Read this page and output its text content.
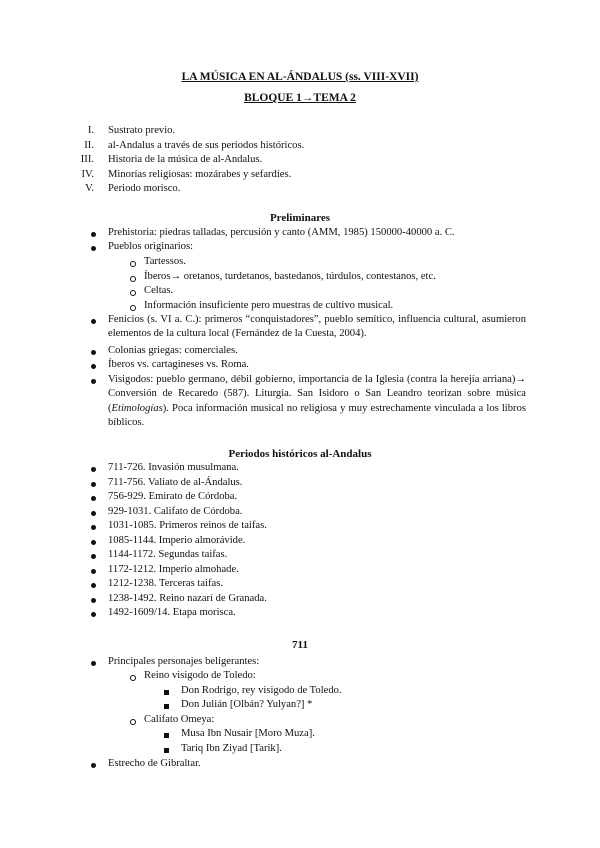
LA MÚSICA EN AL-ÁNDALUS (ss. VIII-XVII)
BLOQUE 1→TEMA 2
I. Sustrato previo.
II. al-Andalus a través de sus periodos históricos.
III. Historia de la música de al-Andalus.
IV. Minorías religiosas: mozárabes y sefardíes.
V. Periodo morisco.
Preliminares
Prehistoria: piedras talladas, percusión y canto (AMM, 1985) 150000-40000 a. C.
Pueblos originarios:
Tartessos.
Íberos→ oretanos, turdetanos, bastedanos, túrdulos, contestanos, etc.
Celtas.
Información insuficiente pero muestras de cultivo musical.
Fenicios (s. VI a. C.): primeros “conquistadores”, pueblo semítico, influencia cultural, asumieron elementos de la cultura local (Fernández de la Cuesta, 2004).
Colonias griegas: comerciales.
Íberos vs. cartagineses vs. Roma.
Visigodos: pueblo germano, débil gobierno, importancia de la Iglesia (contra la herejía arriana)→ Conversión de Recaredo (587). Liturgia. San Isidoro o San Leandro teorizan sobre música (Etimologías). Poca información musical no religiosa y muy estrechamente vinculada a los libros bíblicos.
Periodos históricos al-Andalus
711-726. Invasión musulmana.
711-756. Valiato de al-Ándalus.
756-929. Emirato de Córdoba.
929-1031. Califato de Córdoba.
1031-1085. Primeros reinos de taifas.
1085-1144. Imperio almorávide.
1144-1172. Segundas taifas.
1172-1212. Imperio almohade.
1212-1238. Terceras taifas.
1238-1492. Reino nazarí de Granada.
1492-1609/14. Etapa morisca.
711
Principales personajes beligerantes:
Reino visigodo de Toledo:
Don Rodrigo, rey visigodo de Toledo.
Don Julián [Olbán? Yulyan?] *
Califato Omeya:
Musa Ibn Nusair [Moro Muza].
Tariq Ibn Ziyad [Tarik].
Estrecho de Gibraltar.
